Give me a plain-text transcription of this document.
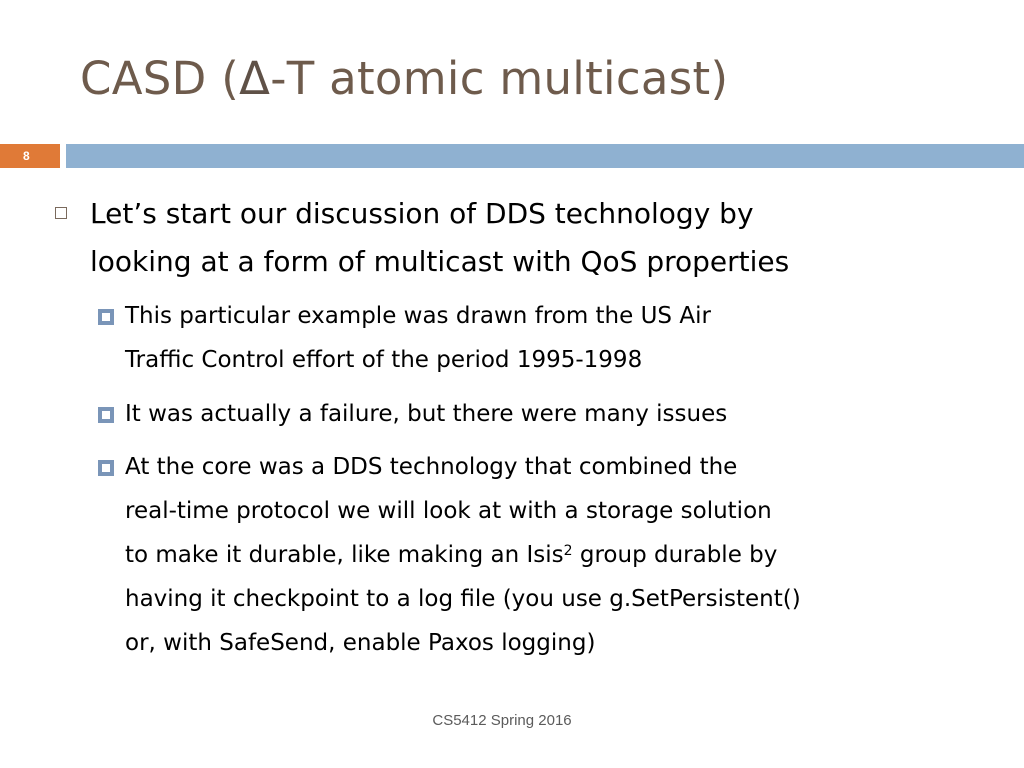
CASD (Δ-T atomic multicast)
8
Let’s start our discussion of DDS technology by
looking at a form of multicast with QoS properties
This particular example was drawn from the US Air
Traffic Control effort of the period 1995-1998
It was actually a failure, but there were many issues
At the core was a DDS technology that combined the
real-time protocol we will look at with a storage solution
to make it durable, like making an Isis$^2$ group durable by
having it checkpoint to a log file (you use g.SetPersistent()
or, with SafeSend, enable Paxos logging)
CS5412 Spring 2016
